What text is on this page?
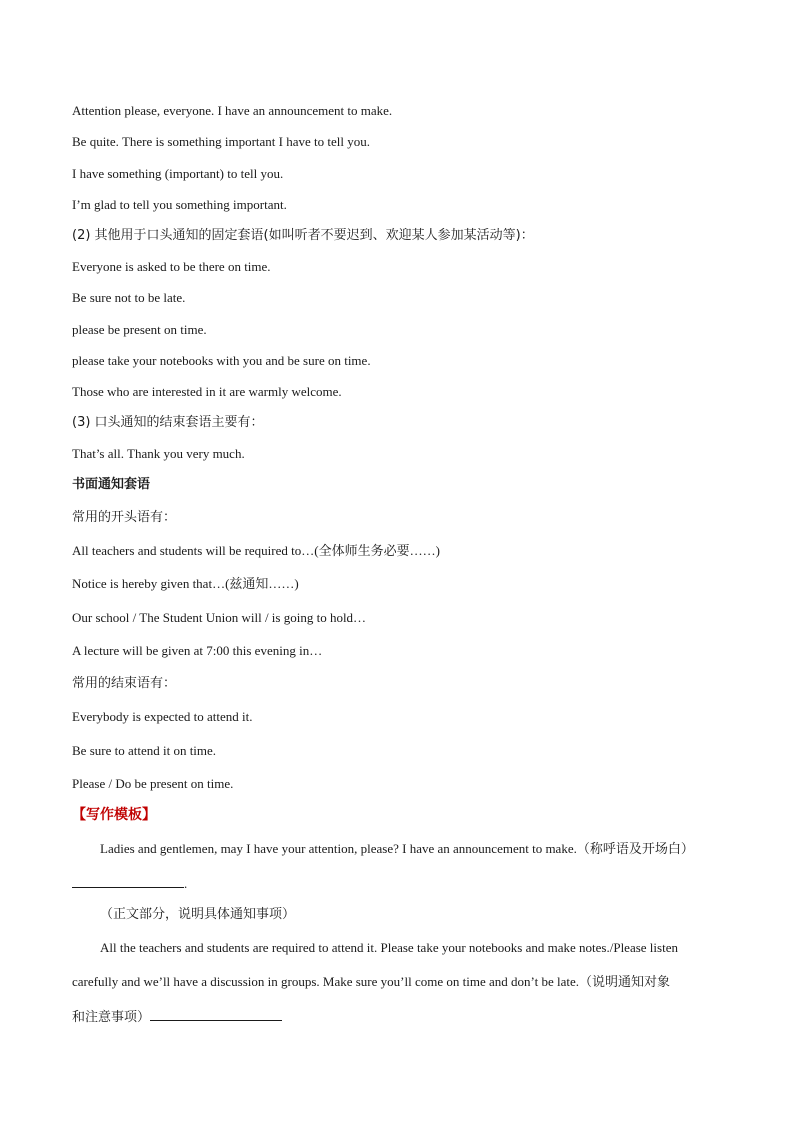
Attention please, everyone. I have an announcement to make.
Be quite. There is something important I have to tell you.
I have something (important) to tell you.
I’m glad to tell you something important.
(2) 其他用于口头通知的固定套语(如叫听者不要迟到、欢迎某人参加某活动等)：
Everyone is asked to be there on time.
Be sure not to be late.
please be present on time.
please take your notebooks with you and be sure on time.
Those who are interested in it are warmly welcome.
(3) 口头通知的结束套语主要有：
That’s all. Thank you very much.
书面通知套语
常用的开头语有：
All teachers and students will be required to…(全体师生务必要……)
Notice is hereby given that…(兹通知……)
Our school / The Student Union will / is going to hold…
A lecture will be given at 7:00 this evening in…
常用的结束语有：
Everybody is expected to attend it.
Be sure to attend it on time.
Please / Do be present on time.
【写作模板】
Ladies and gentlemen, may I have your attention, please? I have an announcement to make.（称呼语及开场白）
.
（正文部分，说明具体通知事项）
All the teachers and students are required to attend it. Please take your notebooks and make notes./Please listen
carefully and we’ll have a discussion in groups. Make sure you’ll come on time and don’t be late.（说明通知对象
和注意事项）
